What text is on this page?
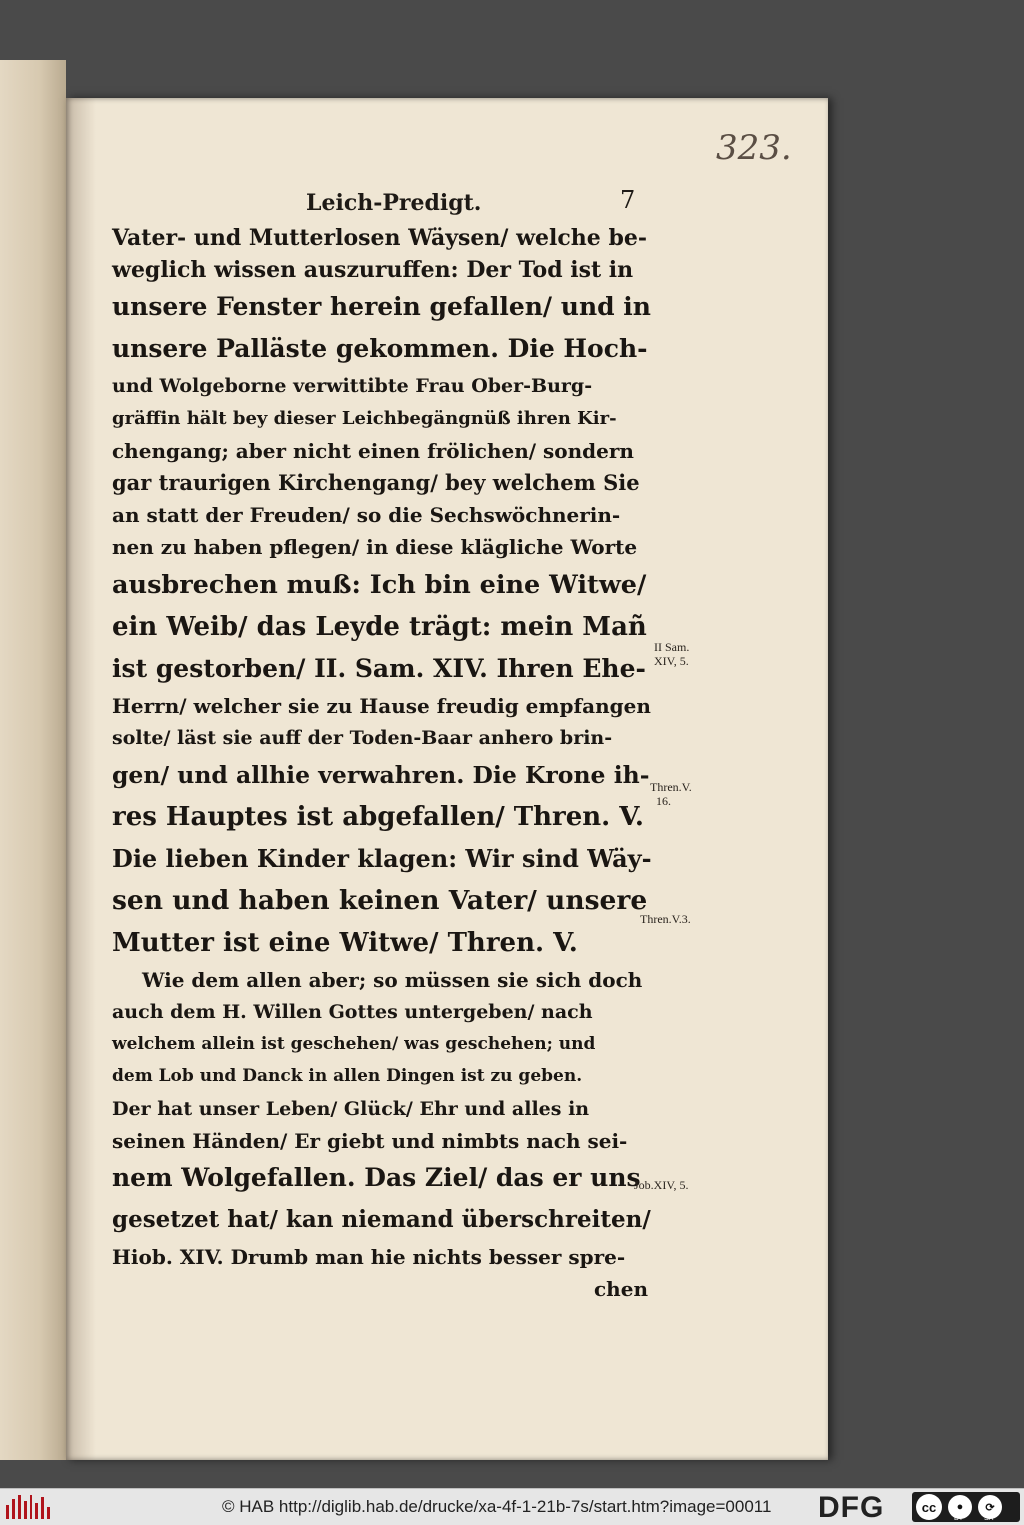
323.
Leich-Predigt.	7
Vater- und Mutterlosen Wäysen/ welche be-
weglich wissen auszuruffen: Der Tod ist in
unsere Fenster herein gefallen/ und in
unsere Palläste gekommen. Die Hoch-
und Wolgeborne verwittibte Frau Ober-Burg-
gräffin hält bey dieser Leichbegängnüß ihren Kir-
chengang; aber nicht einen frölichen/ sondern
gar traurigen Kirchengang/ bey welchem Sie
an statt der Freuden/ so die Sechswöchnerin-
nen zu haben pflegen/ in diese klägliche Worte
ausbrechen muß: Ich bin eine Witwe/
ein Weib/ das Leyde trägt: mein Mañ
ist gestorben/ II. Sam. XIV. Ihren Ehe-
Herrn/ welcher sie zu Hause freudig empfangen
solte/ läst sie auff der Toden-Baar anhero brin-
gen/ und allhie verwahren. Die Krone ih-
res Hauptes ist abgefallen/ Thren. V.
Die lieben Kinder klagen: Wir sind Wäy-
sen und haben keinen Vater/ unsere
Mutter ist eine Witwe/ Thren. V.
Wie dem allen aber; so müssen sie sich doch
auch dem H. Willen Gottes untergeben/ nach
welchem allein ist geschehen/ was geschehen; und
dem Lob und Danck in allen Dingen ist zu geben.
Der hat unser Leben/ Glück/ Ehr und alles in
seinen Händen/ Er giebt und nimbts nach sei-
nem Wolgefallen. Das Ziel/ das er uns
gesetzet hat/ kan niemand überschreiten/
Hiob. XIV. Drumb man hie nichts besser spre-
chen
II Sam.
XIV, 5.
Thren.V.
16.
Thren.V.3.
Job.XIV, 5.
© HAB http://diglib.hab.de/drucke/xa-4f-1-21b-7s/start.htm?image=00011 DFG	cc	●	⟳
BY	SA
